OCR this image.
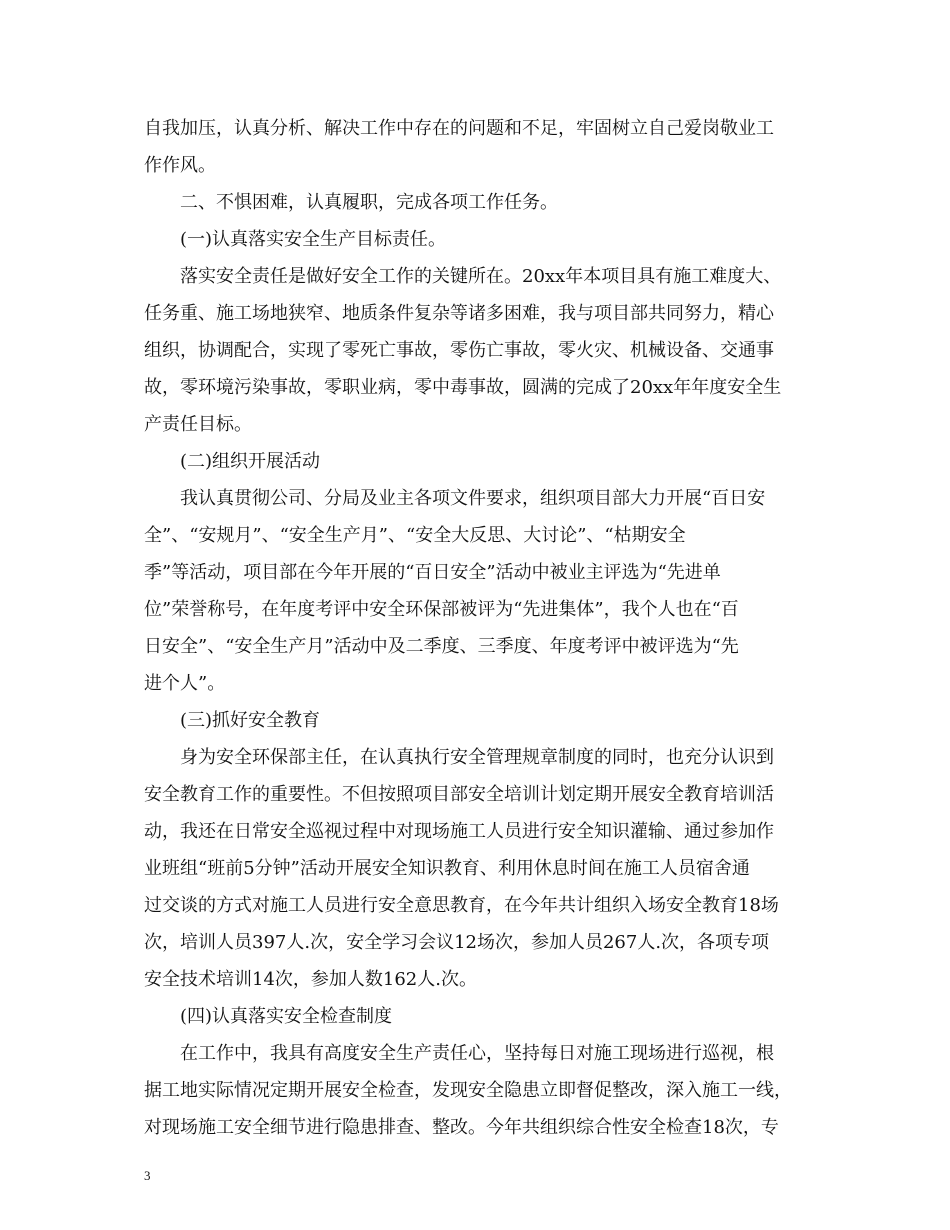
自我加压，认真分析、解决工作中存在的问题和不足，牢固树立自己爱岗敬业工
作作风。
二、不惧困难，认真履职，完成各项工作任务。
(一)认真落实安全生产目标责任。
落实安全责任是做好安全工作的关键所在。20xx年本项目具有施工难度大、
任务重、施工场地狭窄、地质条件复杂等诸多困难，我与项目部共同努力，精心
组织，协调配合，实现了零死亡事故，零伤亡事故，零火灾、机械设备、交通事
故，零环境污染事故，零职业病，零中毒事故，圆满的完成了20xx年年度安全生
产责任目标。
(二)组织开展活动
我认真贯彻公司、分局及业主各项文件要求，组织项目部大力开展“百日安
全”、“安规月”、“安全生产月”、“安全大反思、大讨论”、“枯期安全
季”等活动，项目部在今年开展的“百日安全”活动中被业主评选为“先进单
位”荣誉称号，在年度考评中安全环保部被评为“先进集体”，我个人也在“百
日安全”、“安全生产月”活动中及二季度、三季度、年度考评中被评选为“先
进个人”。
(三)抓好安全教育
身为安全环保部主任，在认真执行安全管理规章制度的同时，也充分认识到
安全教育工作的重要性。不但按照项目部安全培训计划定期开展安全教育培训活
动，我还在日常安全巡视过程中对现场施工人员进行安全知识灌输、通过参加作
业班组“班前5分钟”活动开展安全知识教育、利用休息时间在施工人员宿舍通
过交谈的方式对施工人员进行安全意思教育，在今年共计组织入场安全教育18场
次，培训人员397人.次，安全学习会议12场次，参加人员267人.次，各项专项
安全技术培训14次，参加人数162人.次。
(四)认真落实安全检查制度
在工作中，我具有高度安全生产责任心，坚持每日对施工现场进行巡视，根
据工地实际情况定期开展安全检查，发现安全隐患立即督促整改，深入施工一线，
对现场施工安全细节进行隐患排查、整改。今年共组织综合性安全检查18次，专
3
